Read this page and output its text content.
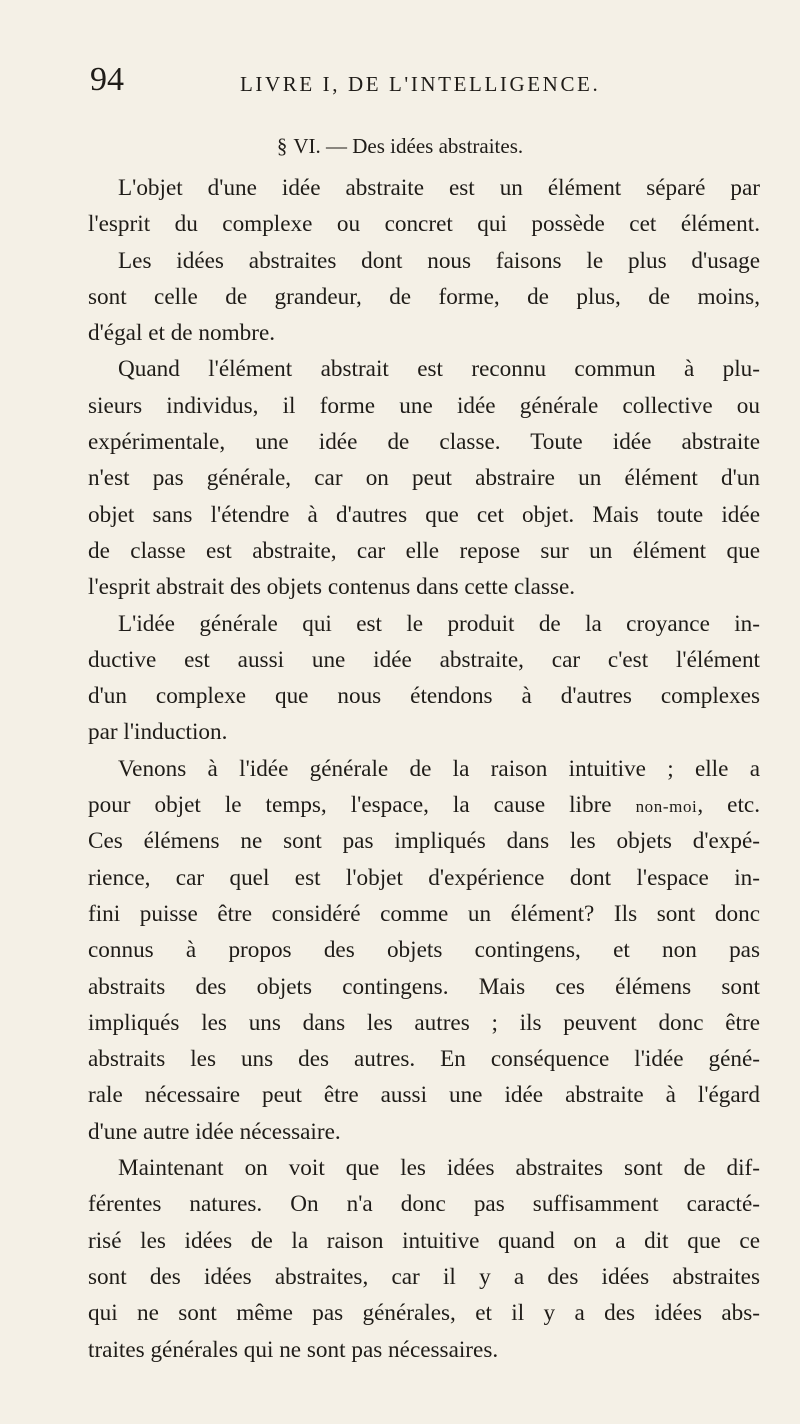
94	LIVRE I, DE L'INTELLIGENCE.
§ VI. — Des idées abstraites.
L'objet d'une idée abstraite est un élément séparé par
l'esprit du complexe ou concret qui possède cet élément.
Les idées abstraites dont nous faisons le plus d'usage
sont celle de grandeur, de forme, de plus, de moins,
d'égal et de nombre.
Quand l'élément abstrait est reconnu commun à plu-
sieurs individus, il forme une idée générale collective ou
expérimentale, une idée de classe. Toute idée abstraite
n'est pas générale, car on peut abstraire un élément d'un
objet sans l'étendre à d'autres que cet objet. Mais toute idée
de classe est abstraite, car elle repose sur un élément que
l'esprit abstrait des objets contenus dans cette classe.
L'idée générale qui est le produit de la croyance in-
ductive est aussi une idée abstraite, car c'est l'élément
d'un complexe que nous étendons à d'autres complexes
par l'induction.
Venons à l'idée générale de la raison intuitive ; elle a
pour objet le temps, l'espace, la cause libre non-moi, etc.
Ces élémens ne sont pas impliqués dans les objets d'expé-
rience, car quel est l'objet d'expérience dont l'espace in-
fini puisse être considéré comme un élément? Ils sont donc
connus à propos des objets contingens, et non pas
abstraits des objets contingens. Mais ces élémens sont
impliqués les uns dans les autres ; ils peuvent donc être
abstraits les uns des autres. En conséquence l'idée géné-
rale nécessaire peut être aussi une idée abstraite à l'égard
d'une autre idée nécessaire.
Maintenant on voit que les idées abstraites sont de dif-
férentes natures. On n'a donc pas suffisamment caracté-
risé les idées de la raison intuitive quand on a dit que ce
sont des idées abstraites, car il y a des idées abstraites
qui ne sont même pas générales, et il y a des idées abs-
traites générales qui ne sont pas nécessaires.
